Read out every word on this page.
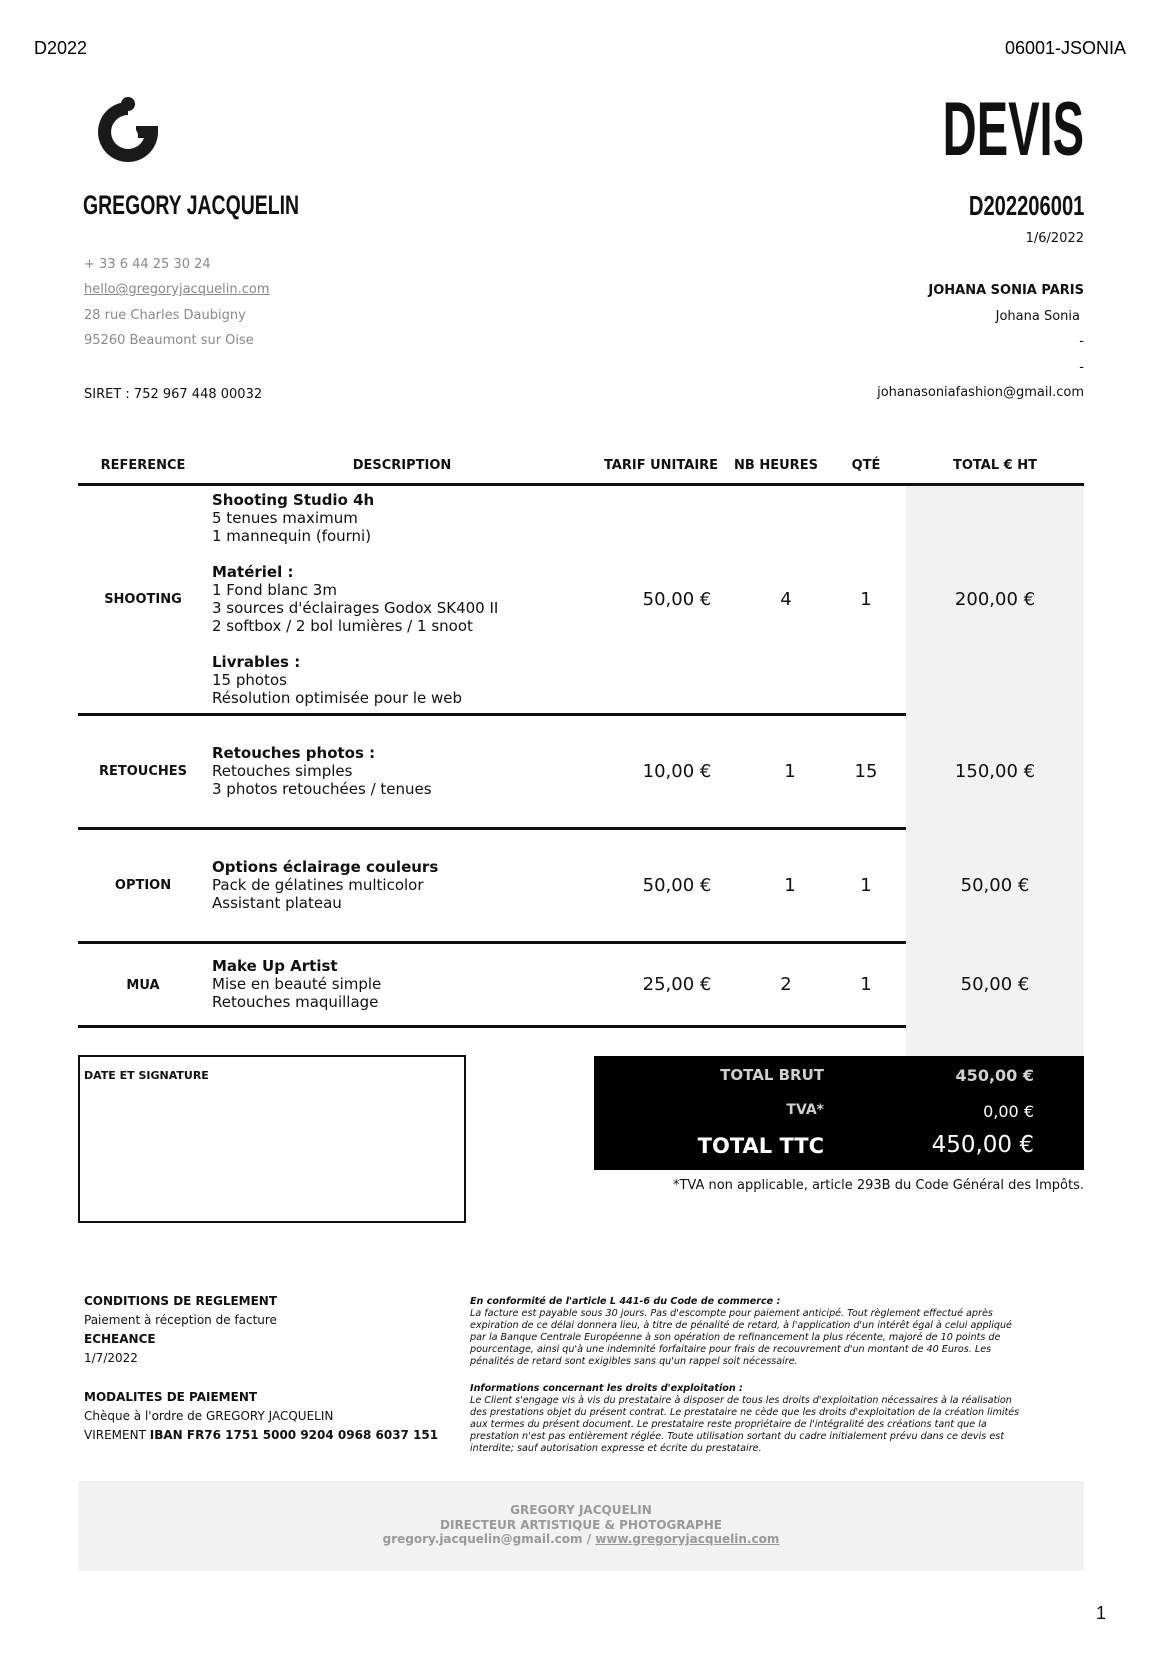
D2022	06001-JSONIA
GREGORY JACQUELIN
+ 33 6 44 25 30 24
hello@gregoryjacquelin.com
28 rue Charles Daubigny
95260 Beaumont sur Oise
SIRET : 752 967 448 00032
DEVIS
D202206001
1/6/2022
JOHANA SONIA PARIS
Johana Sonia
-
-
johanasoniafashion@gmail.com
REFERENCE	DESCRIPTION	TARIF UNITAIRE	NB HEURES	QTÉ	TOTAL € HT
SHOOTING
Shooting Studio 4h
5 tenues maximum
1 mannequin (fourni)
Matériel :
1 Fond blanc 3m
3 sources d'éclairages Godox SK400 II
2 softbox / 2 bol lumières / 1 snoot
Livrables :
15 photos
Résolution optimisée pour le web
50,00 €	4	1	200,00 €
RETOUCHES
Retouches photos :
Retouches simples
3 photos retouchées / tenues
10,00 €	1	15	150,00 €
OPTION
Options éclairage couleurs
Pack de gélatines multicolor
Assistant plateau
50,00 €	1	1	50,00 €
MUA
Make Up Artist
Mise en beauté simple
Retouches maquillage
25,00 €	2	1	50,00 €
DATE ET SIGNATURE	TOTAL BRUT	450,00 €
TVA*	0,00 €
TOTAL TTC	450,00 €
*TVA non applicable, article 293B du Code Général des Impôts.
CONDITIONS DE REGLEMENT
Paiement à réception de facture
ECHEANCE
1/7/2022
MODALITES DE PAIEMENT
Chèque à l'ordre de GREGORY JACQUELIN
VIREMENT IBAN FR76 1751 5000 9204 0968 6037 151
En conformité de l'article L 441-6 du Code de commerce :
La facture est payable sous 30 jours. Pas d'escompte pour paiement anticipé. Tout règlement effectué après expiration de ce délai donnera lieu, à titre de pénalité de retard, à l'application d'un intérêt égal à celui appliqué par la Banque Centrale Européenne à son opération de refinancement la plus récente, majoré de 10 points de pourcentage, ainsi qu'à une indemnité forfaitaire pour frais de recouvrement d'un montant de 40 Euros. Les pénalités de retard sont exigibles sans qu'un rappel soit nécessaire.
Informations concernant les droits d'exploitation :
Le Client s'engage vis à vis du prestataire à disposer de tous les droits d'exploitation nécessaires à la réalisation des prestations objet du présent contrat. Le prestataire ne cède que les droits d'exploitation de la création limités aux termes du présent document. Le prestataire reste propriétaire de l'intégralité des créations tant que la prestation n'est pas entièrement réglée. Toute utilisation sortant du cadre initialement prévu dans ce devis est interdite; sauf autorisation expresse et écrite du prestataire.
GREGORY JACQUELIN
DIRECTEUR ARTISTIQUE & PHOTOGRAPHE
gregory.jacquelin@gmail.com / www.gregoryjacquelin.com
1
